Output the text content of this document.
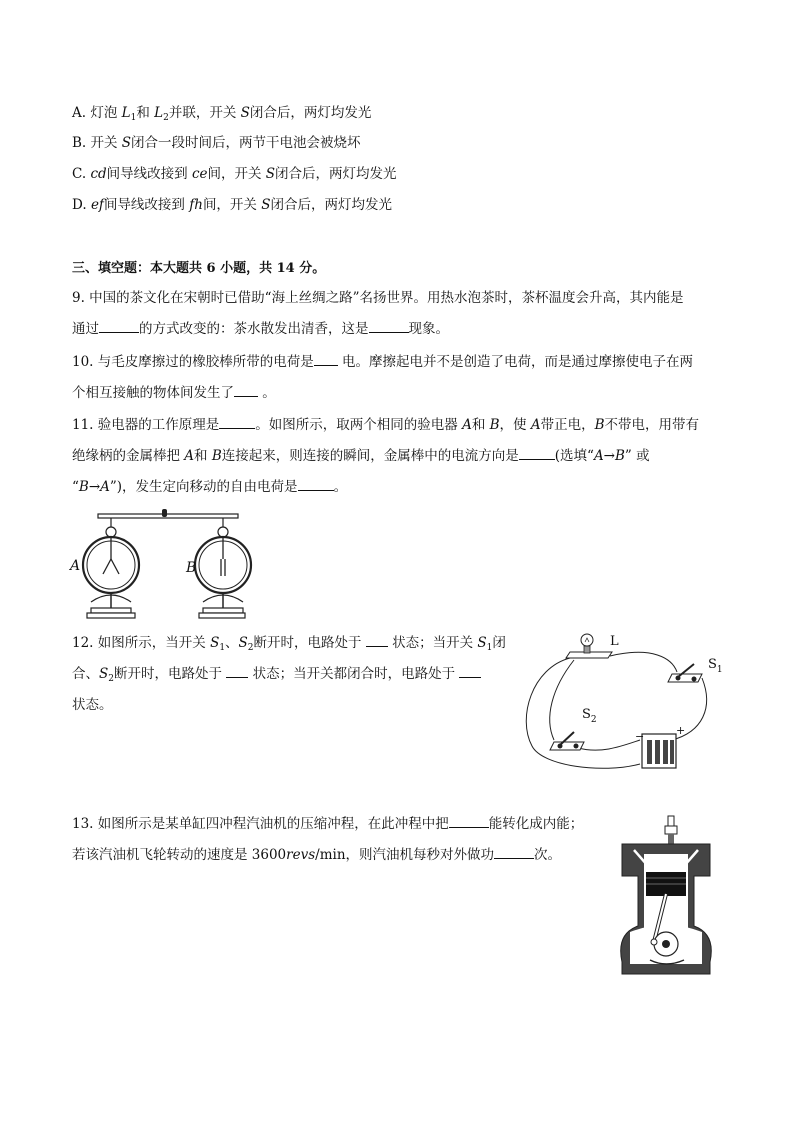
A. 灯泡 $L_1$和 $L_2$并联，开关 S闭合后，两灯均发光
B. 开关 S闭合一段时间后，两节干电池会被烧坏
C. cd间导线改接到 ce间，开关 S闭合后，两灯均发光
D. ef间导线改接到 fh间，开关 S闭合后，两灯均发光
三、填空题：本大题共 6 小题，共 14 分。
9. 中国的茶文化在宋朝时已借助“海上丝绸之路”名扬世界。用热水泡茶时，茶杯温度会升高，其内能是
通过	的方式改变的：茶水散发出清香，这是	现象。
10. 与毛皮摩擦过的橡胶棒所带的电荷是 电。摩擦起电并不是创造了电荷，而是通过摩擦使电子在两
个相互接触的物体间发生了 。
11. 验电器的工作原理是	。如图所示，取两个相同的验电器 A和 B，使 A带正电，B不带电，用带有
绝缘柄的金属棒把 A和 B连接起来，则连接的瞬间，金属棒中的电流方向是	(选填“A→B” 或
“B→A”)，发生定向移动的自由电荷是	。
A	B
12. 如图所示，当开关 $S_1$、$S_2$断开时，电路处于  状态；当开关 $S_1$闭
合、$S_2$断开时，电路处于  状态；当开关都闭合时，电路处于
状态。
L
$S_1$
$S_2$
−	+
13. 如图所示是某单缸四冲程汽油机的压缩冲程，在此冲程中把	能转化成内能；
若该汽油机飞轮转动的速度是 3600revs/min，则汽油机每秒对外做功	次。
